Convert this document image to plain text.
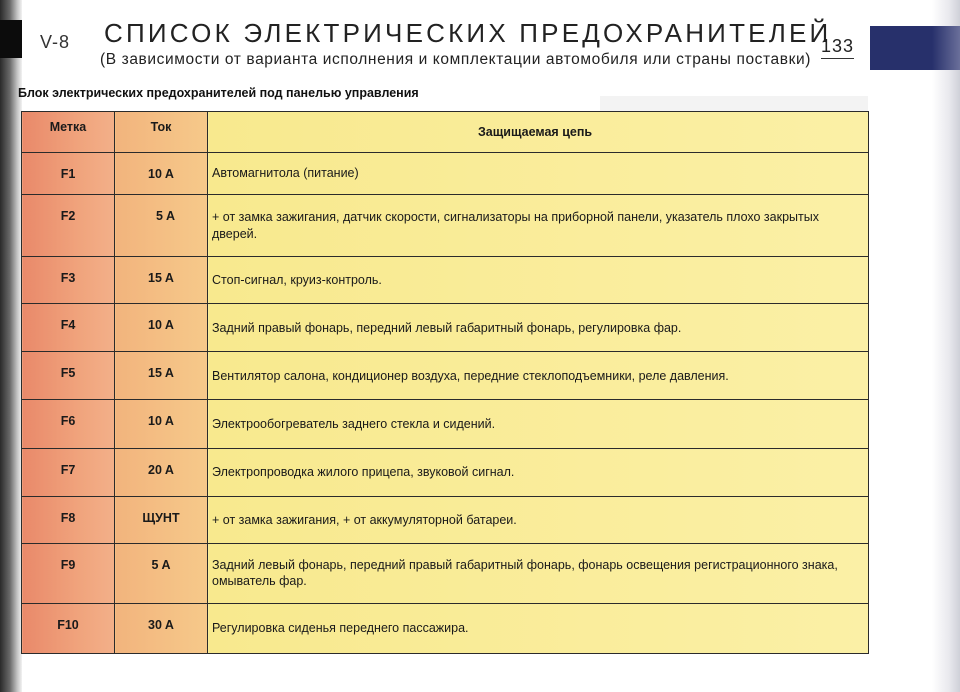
V-8 СПИСОК ЭЛЕКТРИЧЕСКИХ ПРЕДОХРАНИТЕЛЕЙ
(В зависимости от варианта исполнения и комплектации автомобиля или страны поставки)
133
Блок электрических предохранителей под панелью управления
Метка	Ток	Защищаемая цепь
F1	10 A	Автомагнитола (питание)
F2	5 A	+ от замка зажигания, датчик скорости, сигнализаторы на приборной панели, указатель плохо закрытых дверей.
F3	15 A	Стоп-сигнал, круиз-контроль.
F4	10 A	Задний правый фонарь, передний левый габаритный фонарь, регулировка фар.
F5	15 A	Вентилятор салона, кондиционер воздуха, передние стеклоподъемники, реле давления.
F6	10 A	Электрообогреватель заднего стекла и сидений.
F7	20 A	Электропроводка жилого прицепа, звуковой сигнал.
F8	ЩУНТ	+ от замка зажигания, + от аккумуляторной батареи.
F9	5 A	Задний левый фонарь, передний правый габаритный фонарь, фонарь освещения регистрационного знака, омыватель фар.
F10	30 A	Регулировка сиденья переднего пассажира.
